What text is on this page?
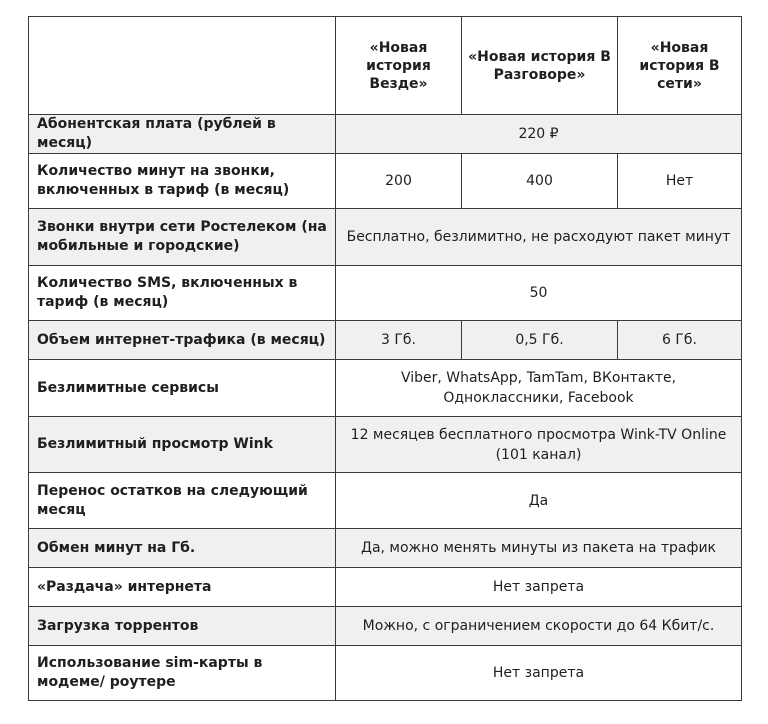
	«Новая история Везде»	«Новая история В Разговоре»	«Новая история В сети»
Абонентская плата (рублей в месяц)	220 ₽		
Количество минут на звонки, включенных в тариф (в месяц)	200	400	Нет
Звонки внутри сети Ростелеком (на мобильные и городские)	Бесплатно, безлимитно, не расходуют пакет минут		
Количество SMS, включенных в тариф (в месяц)	50		
Объем интернет-трафика (в месяц)	3 Гб.	0,5 Гб.	6 Гб.
Безлимитные сервисы	Viber, WhatsApp, TamTam, ВКонтакте, Одноклассники, Facebook		
Безлимитный просмотр Wink	12 месяцев бесплатного просмотра Wink-TV Online (101 канал)		
Перенос остатков на следующий месяц	Да		
Обмен минут на Гб.	Да, можно менять минуты из пакета на трафик		
«Раздача» интернета	Нет запрета		
Загрузка торрентов	Можно, с ограничением скорости до 64 Кбит/с.		
Использование sim-карты в модеме/ роутере	Нет запрета		
